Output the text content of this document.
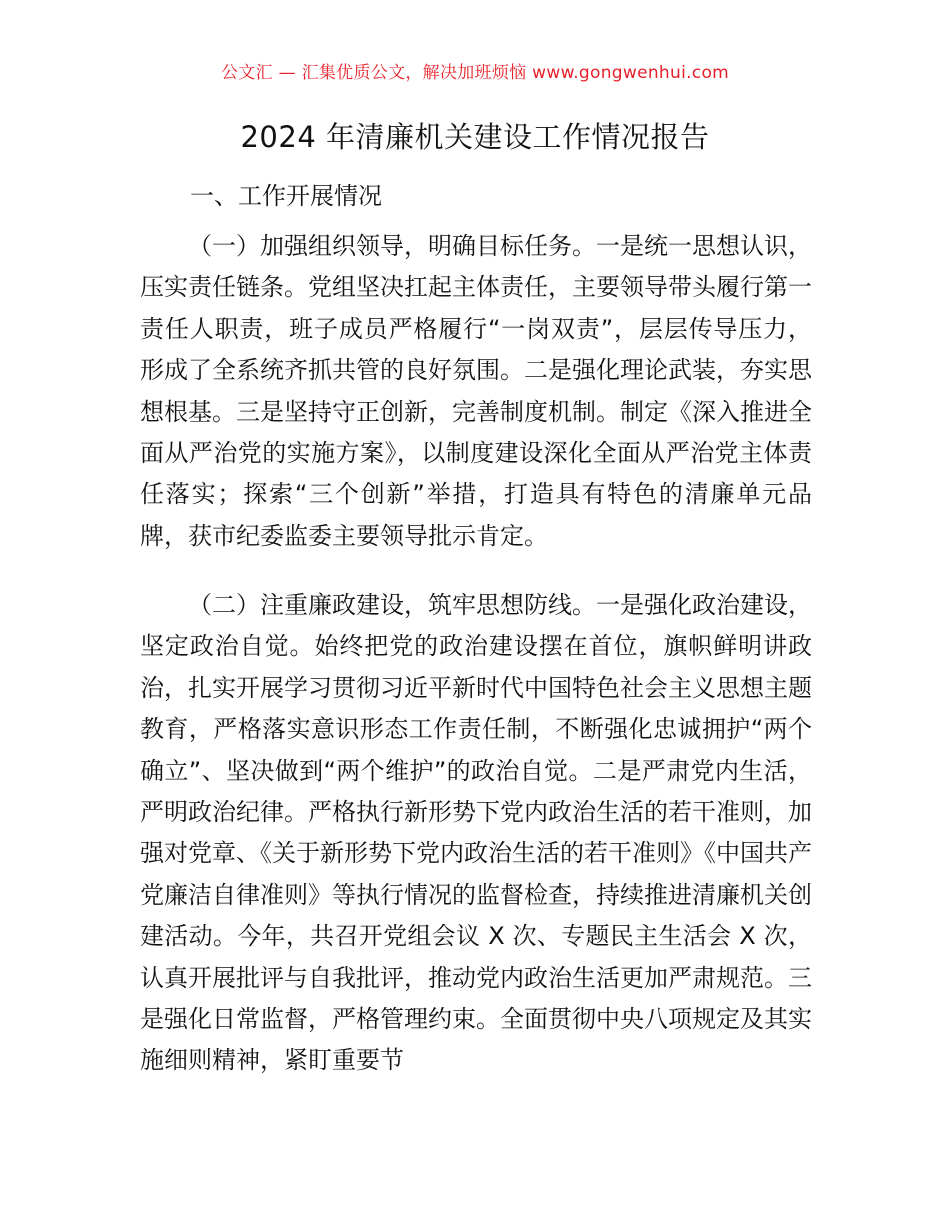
公文汇 — 汇集优质公文，解决加班烦恼 www.gongwenhui.com
2024 年清廉机关建设工作情况报告
一、工作开展情况

（一）加强组织领导，明确目标任务。一是统一思想认识，压实责任链条。党组坚决扛起主体责任，主要领导带头履行第一责任人职责，班子成员严格履行“一岗双责”，层层传导压力，形成了全系统齐抓共管的良好氛围。二是强化理论武装，夯实思想根基。三是坚持守正创新，完善制度机制。制定《深入推进全面从严治党的实施方案》，以制度建设深化全面从严治党主体责任落实；探索“三个创新”举措，打造具有特色的清廉单元品牌，获市纪委监委主要领导批示肯定。

（二）注重廉政建设，筑牢思想防线。一是强化政治建设，坚定政治自觉。始终把党的政治建设摆在首位，旗帜鲜明讲政治，扎实开展学习贯彻习近平新时代中国特色社会主义思想主题教育，严格落实意识形态工作责任制，不断强化忠诚拥护“两个确立”、坚决做到“两个维护”的政治自觉。二是严肃党内生活，严明政治纪律。严格执行新形势下党内政治生活的若干准则，加强对党章、《关于新形势下党内政治生活的若干准则》《中国共产党廉洁自律准则》等执行情况的监督检查，持续推进清廉机关创建活动。今年，共召开党组会议 X 次、专题民主生活会 X 次，认真开展批评与自我批评，推动党内政治生活更加严肃规范。三是强化日常监督，严格管理约束。全面贯彻中央八项规定及其实施细则精神，紧盯重要节
